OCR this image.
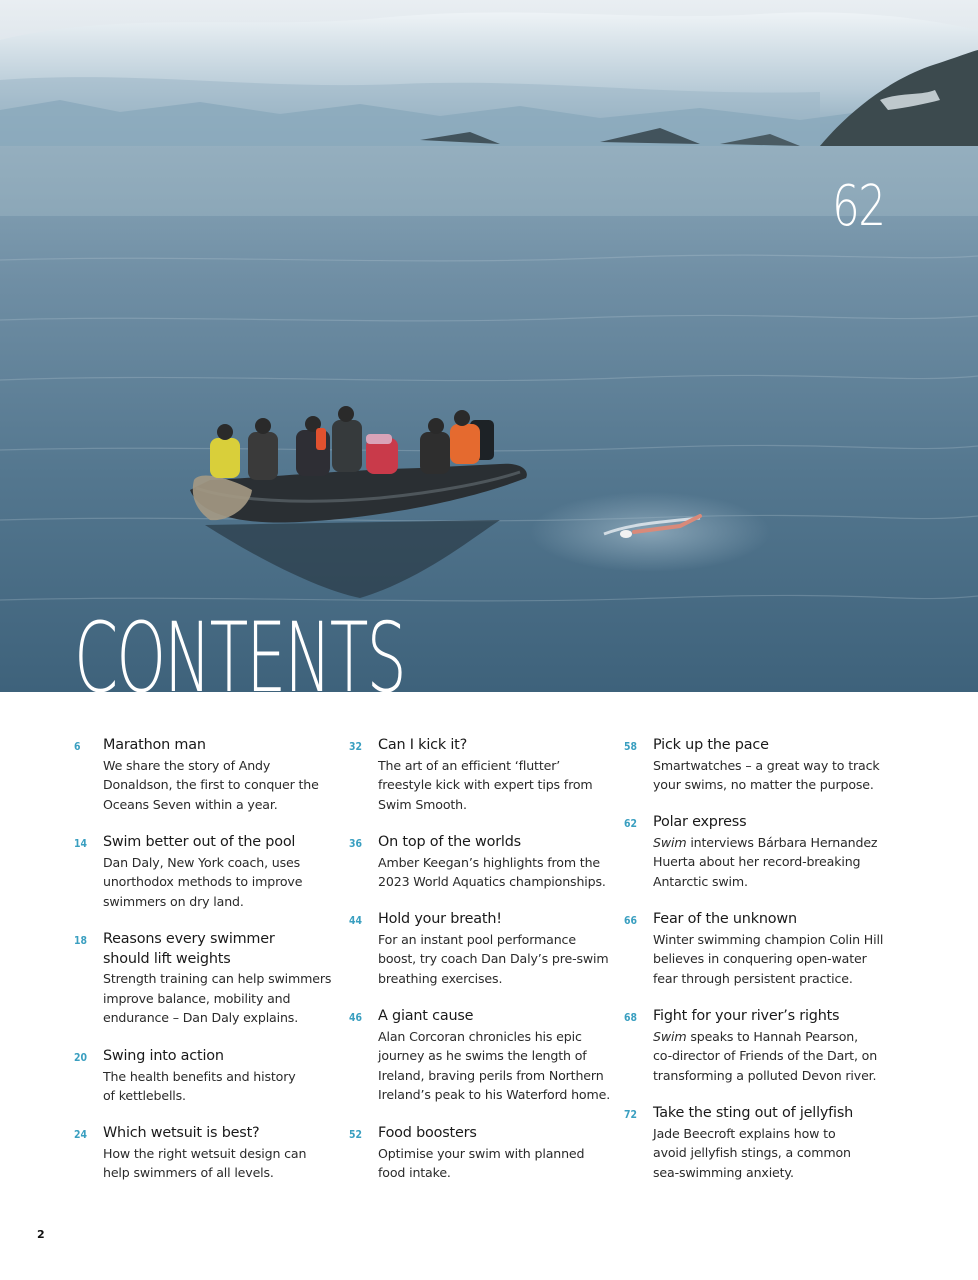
62
CONTENTS
6	Marathon man
We share the story of Andy
Donaldson, the first to conquer the
Oceans Seven within a year.
14	Swim better out of the pool
Dan Daly, New York coach, uses
unorthodox methods to improve
swimmers on dry land.
18	Reasons every swimmer
should lift weights
Strength training can help swimmers
improve balance, mobility and
endurance – Dan Daly explains.
20	Swing into action
The health benefits and history
of kettlebells.
24	Which wetsuit is best?
How the right wetsuit design can
help swimmers of all levels.
32	Can I kick it?
The art of an efficient ‘flutter’
freestyle kick with expert tips from
Swim Smooth.
36	On top of the worlds
Amber Keegan’s highlights from the
2023 World Aquatics championships.
44	Hold your breath!
For an instant pool performance
boost, try coach Dan Daly’s pre-swim
breathing exercises.
46	A giant cause
Alan Corcoran chronicles his epic
journey as he swims the length of
Ireland, braving perils from Northern
Ireland’s peak to his Waterford home.
52	Food boosters
Optimise your swim with planned
food intake.
58	Pick up the pace
Smartwatches – a great way to track
your swims, no matter the purpose.
62	Polar express
Swim interviews Bárbara Hernandez
Huerta about her record-breaking
Antarctic swim.
66	Fear of the unknown
Winter swimming champion Colin Hill
believes in conquering open-water
fear through persistent practice.
68	Fight for your river’s rights
Swim speaks to Hannah Pearson,
co-director of Friends of the Dart, on
transforming a polluted Devon river.
72	Take the sting out of jellyfish
Jade Beecroft explains how to
avoid jellyfish stings, a common
sea-swimming anxiety.
2
